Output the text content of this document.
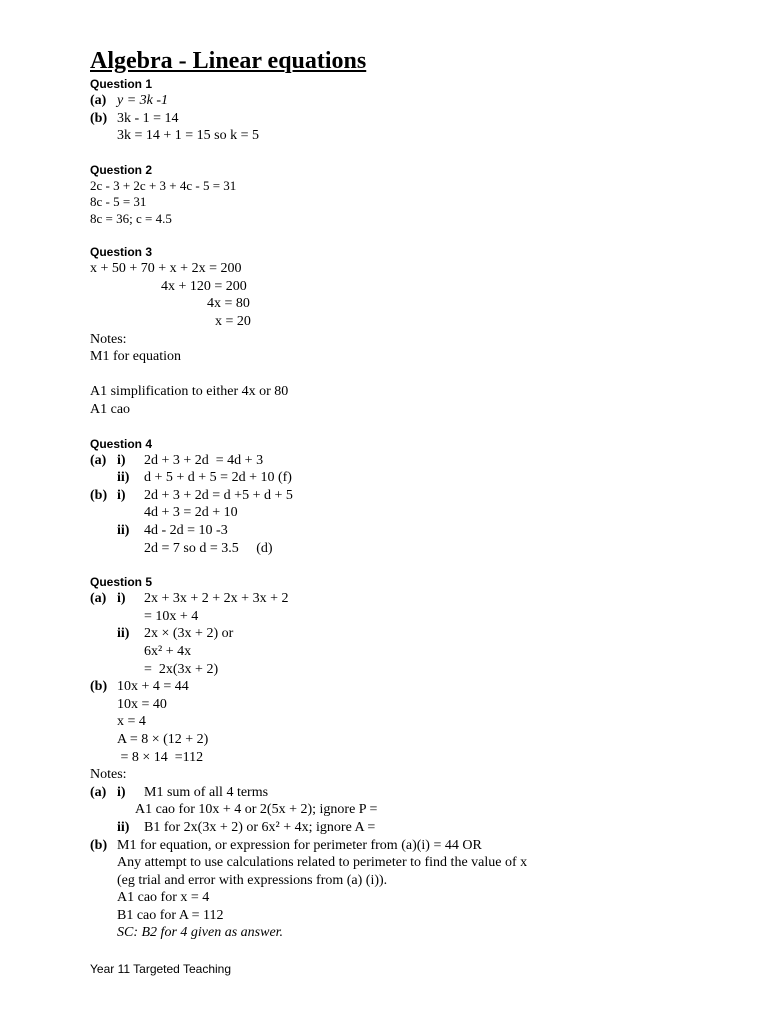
Algebra - Linear equations
Question 1
(a) y = 3k -1
(b) 3k - 1 = 14
3k = 14 + 1 = 15 so k = 5
Question 2
2c - 3 + 2c + 3 + 4c - 5 = 31
8c - 5 = 31
8c = 36; c = 4.5
Question 3
x + 50 + 70 + x + 2x = 200
4x + 120 = 200
4x = 80
x = 20
Notes:
M1 for equation
A1 simplification to either 4x or 80
A1 cao
Question 4
(a) i) 2d + 3 + 2d  = 4d + 3
ii) d + 5 + d + 5 = 2d + 10 (f)
(b) i) 2d + 3 + 2d = d +5 + d + 5
4d + 3 = 2d + 10
ii) 4d - 2d = 10 -3
2d = 7 so d = 3.5     (d)
Question 5
(a) i) 2x + 3x + 2 + 2x + 3x + 2
= 10x + 4
ii) 2x × (3x + 2) or
6x² + 4x
=  2x(3x + 2)
(b) 10x + 4 = 44
10x = 40
x = 4
A = 8 × (12 + 2)
= 8 × 14  =112
Notes:
(a) i) M1 sum of all 4 terms
A1 cao for 10x + 4 or 2(5x + 2); ignore P =
ii) B1 for 2x(3x + 2) or 6x² + 4x; ignore A =
(b) M1 for equation, or expression for perimeter from (a)(i) = 44 OR
Any attempt to use calculations related to perimeter to find the value of x
(eg trial and error with expressions from (a) (i)).
A1 cao for x = 4
B1 cao for A = 112
SC: B2 for 4 given as answer.
Year 11 Targeted Teaching
